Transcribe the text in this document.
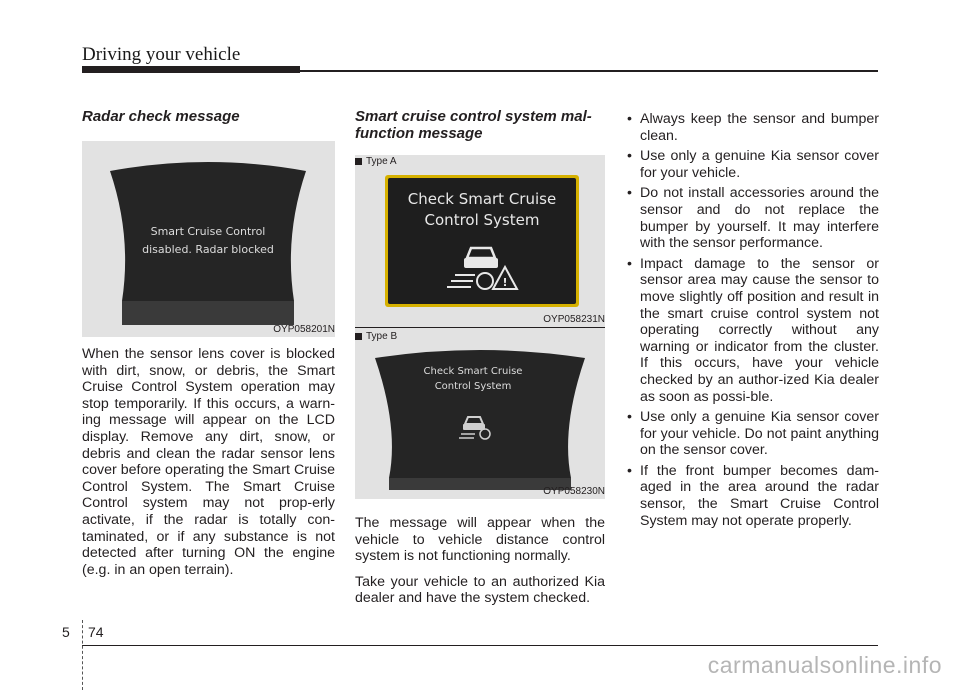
Driving your vehicle
Radar check message
Smart Cruise Control
disabled. Radar blocked
OYP058201N
When the sensor lens cover is blocked with dirt, snow, or debris, the Smart Cruise Control System operation may stop temporarily. If this occurs, a warn-ing message will appear on the LCD display. Remove any dirt, snow, or debris and clean the radar sensor lens cover before operating the Smart Cruise Control System. The Smart Cruise Control system may not prop-erly activate, if the radar is totally con-taminated, or if any substance is not detected after turning ON the engine (e.g. in an open terrain).
Smart cruise control system mal-function message
Type A
Check Smart Cruise
Control System
!
OYP058231N
Type B
Check Smart Cruise
Control System
OYP058230N
The message will appear when the vehicle to vehicle distance control system is not functioning normally.
Take your vehicle to an authorized Kia dealer and have the system checked.
• Always keep the sensor and bumper clean.
• Use only a genuine Kia sensor cover for your vehicle.
• Do not install accessories around the sensor and do not replace the bumper by yourself. It may interfere with the sensor performance.
• Impact damage to the sensor or sensor area may cause the sensor to move slightly off position and result in the smart cruise control system not operating correctly without any warning or indicator from the cluster. If this occurs, have your vehicle checked by an author-ized Kia dealer as soon as possi-ble.
• Use only a genuine Kia sensor cover for your vehicle. Do not paint anything on the sensor cover.
• If the front bumper becomes dam-aged in the area around the radar sensor, the Smart Cruise Control System may not operate properly.
5 74
carmanualsonline.info
